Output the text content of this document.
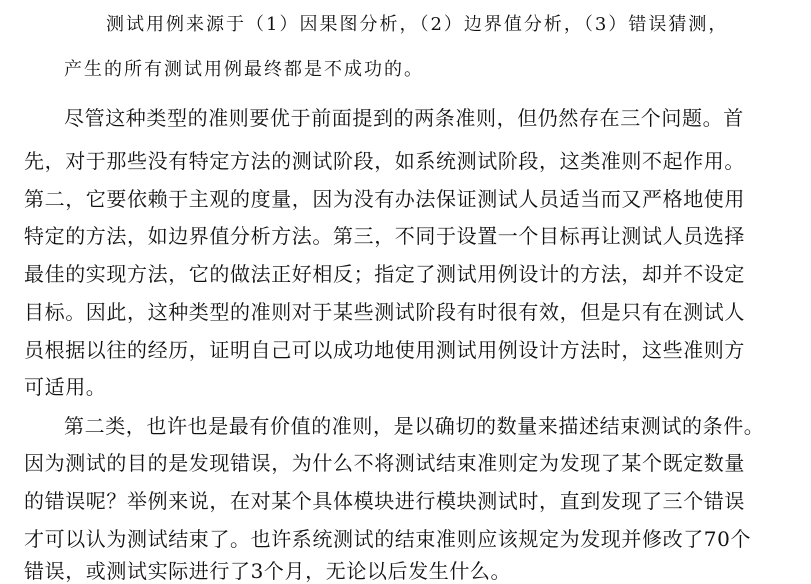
测试用例来源于（1）因果图分析，（2）边界值分析，（3）错误猜测，
产生的所有测试用例最终都是不成功的。
尽管这种类型的准则要优于前面提到的两条准则，但仍然存在三个问题。首
先，对于那些没有特定方法的测试阶段，如系统测试阶段，这类准则不起作用。
第二，它要依赖于主观的度量，因为没有办法保证测试人员适当而又严格地使用
特定的方法，如边界值分析方法。第三，不同于设置一个目标再让测试人员选择
最佳的实现方法，它的做法正好相反；指定了测试用例设计的方法，却并不设定
目标。因此，这种类型的准则对于某些测试阶段有时很有效，但是只有在测试人
员根据以往的经历，证明自己可以成功地使用测试用例设计方法时，这些准则方
可适用。
第二类，也许也是最有价值的准则，是以确切的数量来描述结束测试的条件。
因为测试的目的是发现错误，为什么不将测试结束准则定为发现了某个既定数量
的错误呢？举例来说，在对某个具体模块进行模块测试时，直到发现了三个错误
才可以认为测试结束了。也许系统测试的结束准则应该规定为发现并修改了70个
错误，或测试实际进行了3个月，无论以后发生什么。
